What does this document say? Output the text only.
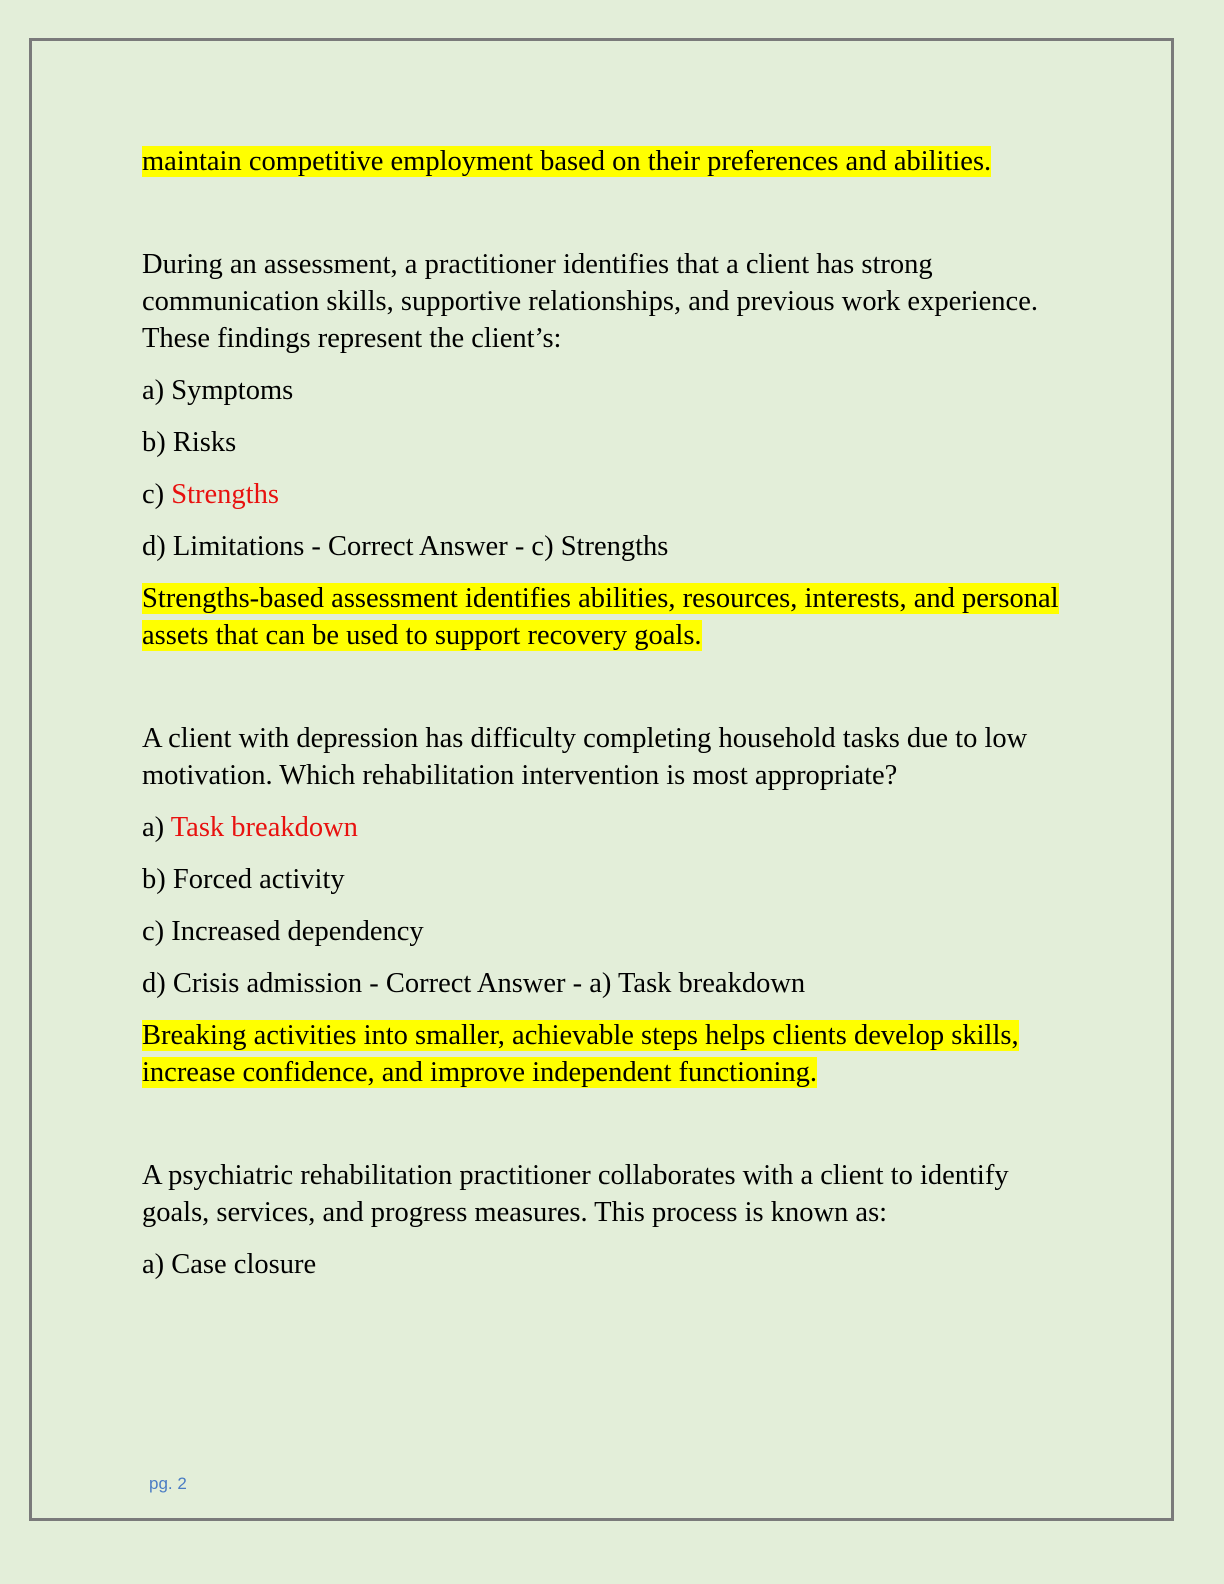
maintain competitive employment based on their preferences and abilities.

During an assessment, a practitioner identifies that a client has strong communication skills, supportive relationships, and previous work experience. These findings represent the client’s:

a) Symptoms

b) Risks

c) Strengths

d) Limitations - Correct Answer - c) Strengths

Strengths-based assessment identifies abilities, resources, interests, and personal assets that can be used to support recovery goals.

A client with depression has difficulty completing household tasks due to low motivation. Which rehabilitation intervention is most appropriate?

a) Task breakdown

b) Forced activity

c) Increased dependency

d) Crisis admission - Correct Answer - a) Task breakdown

Breaking activities into smaller, achievable steps helps clients develop skills, increase confidence, and improve independent functioning.

A psychiatric rehabilitation practitioner collaborates with a client to identify goals, services, and progress measures. This process is known as:

a) Case closure

pg. 2
